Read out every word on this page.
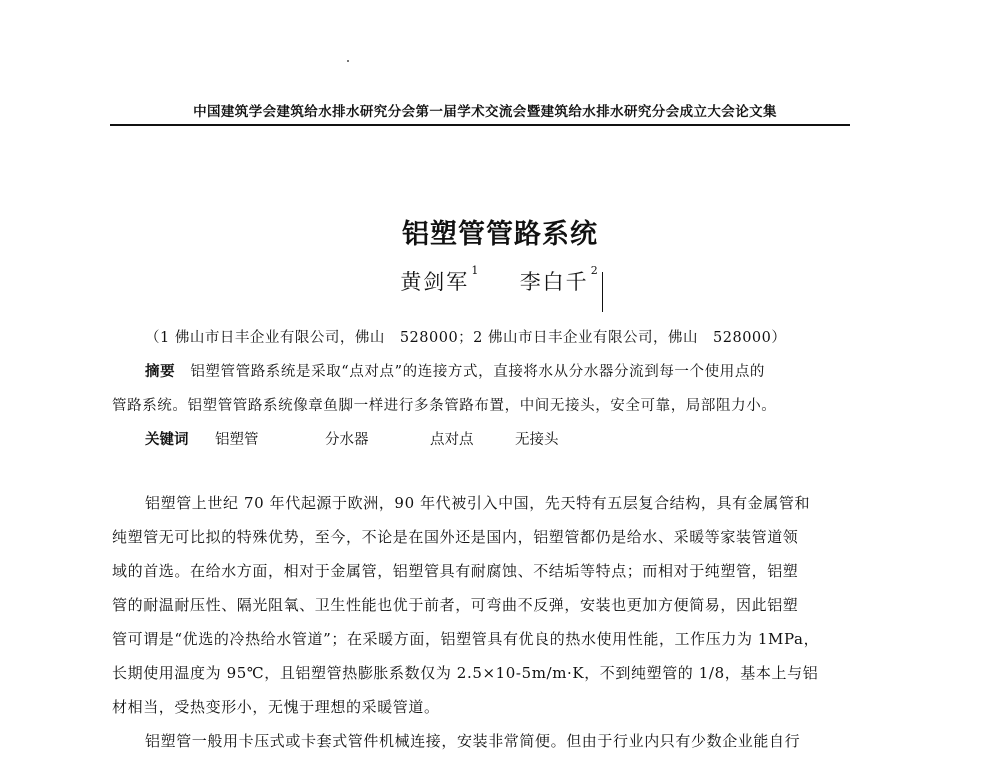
中国建筑学会建筑给水排水研究分会第一届学术交流会暨建筑给水排水研究分会成立大会论文集
铝塑管管路系统
黄剑军 $^1$ 李白千 $^2$
（1 佛山市日丰企业有限公司，佛山　528000；2 佛山市日丰企业有限公司，佛山　528000）
摘要　 铝塑管管路系统是采取“点对点”的连接方式，直接将水从分水器分流到每一个使用点的
管路系统。铝塑管管路系统像章鱼脚一样进行多条管路布置，中间无接头，安全可靠，局部阻力小。
关键词 铝塑管	分水器	点对点	无接头
铝塑管上世纪 70 年代起源于欧洲，90 年代被引入中国，先天特有五层复合结构，具有金属管和
纯塑管无可比拟的特殊优势，至今，不论是在国外还是国内，铝塑管都仍是给水、采暖等家装管道领
域的首选。在给水方面，相对于金属管，铝塑管具有耐腐蚀、不结垢等特点；而相对于纯塑管，铝塑
管的耐温耐压性、隔光阻氧、卫生性能也优于前者，可弯曲不反弹，安装也更加方便简易，因此铝塑
管可谓是“优选的冷热给水管道”；在采暖方面，铝塑管具有优良的热水使用性能，工作压力为 1MPa，
长期使用温度为 95℃，且铝塑管热膨胀系数仅为 2.5×10-5m/m·K，不到纯塑管的 1/8，基本上与铝
材相当，受热变形小，无愧于理想的采暖管道。
铝塑管一般用卡压式或卡套式管件机械连接，安装非常简便。但由于行业内只有少数企业能自行
